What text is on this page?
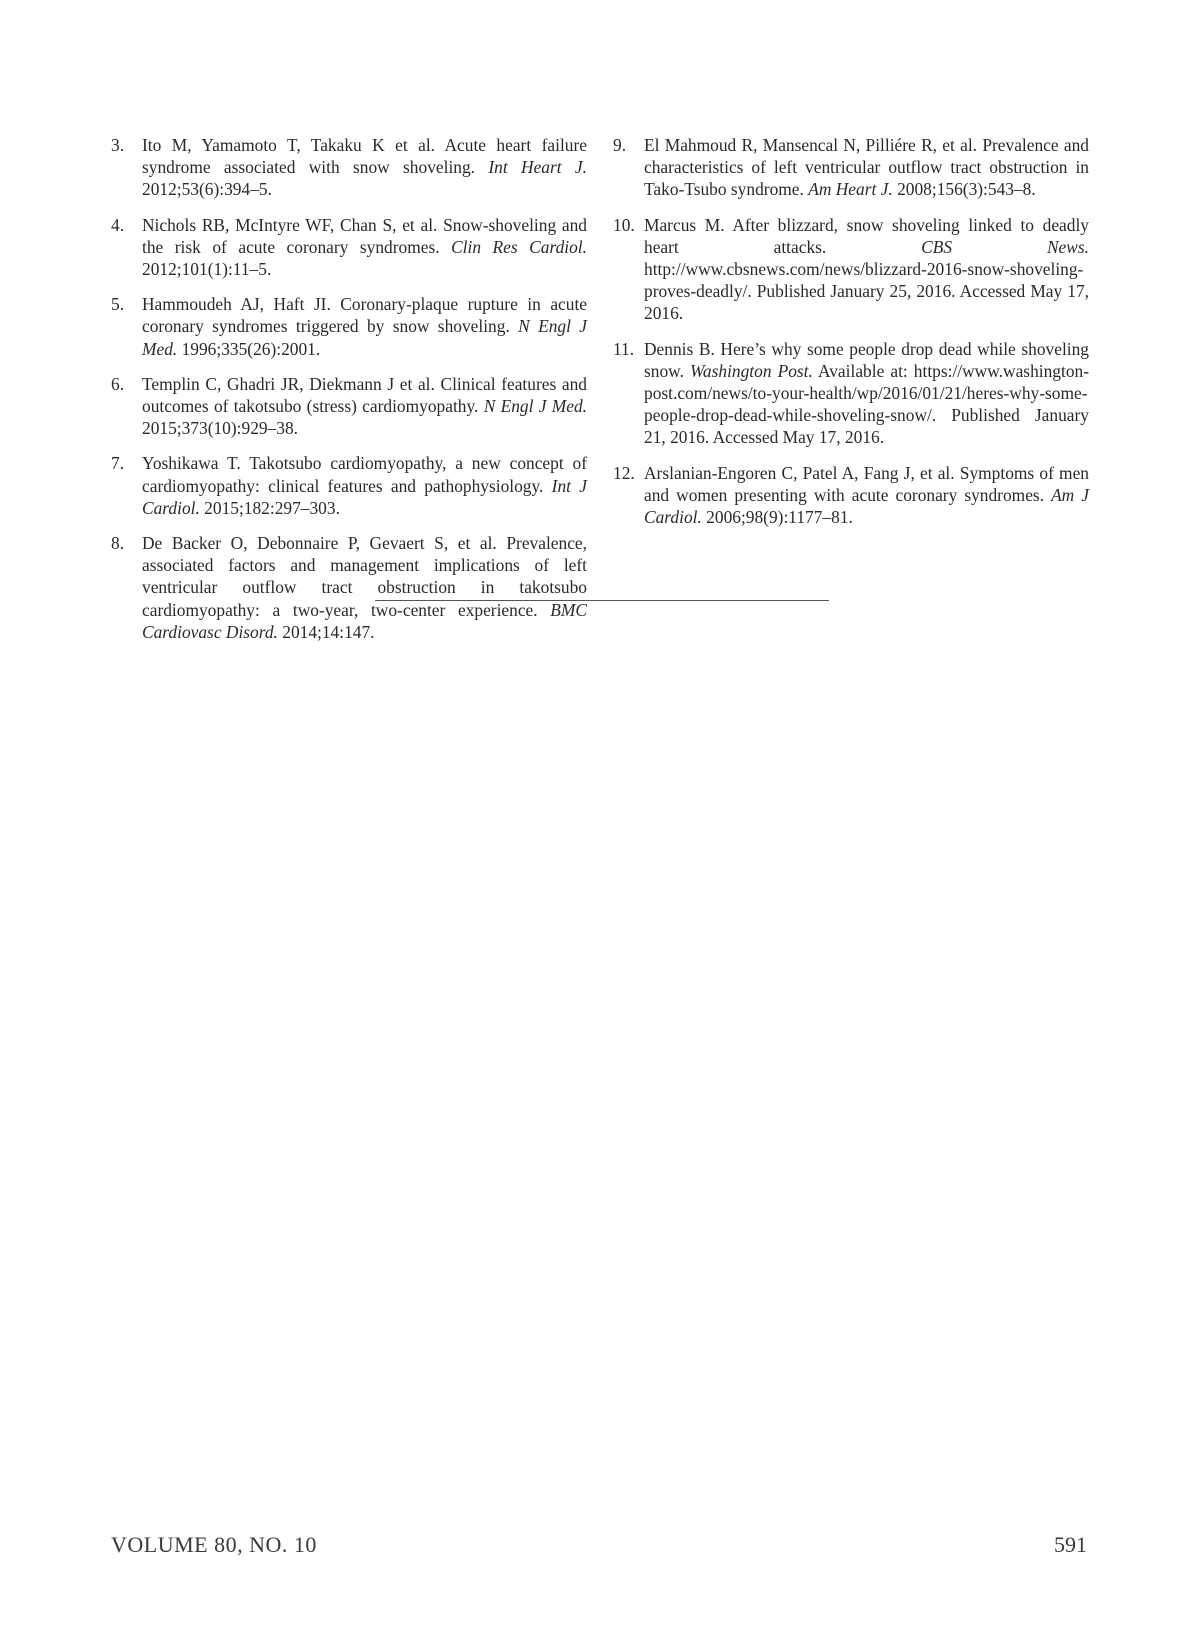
3. Ito M, Yamamoto T, Takaku K et al. Acute heart failure syndrome associated with snow shoveling. Int Heart J. 2012;53(6):394–5.
4. Nichols RB, McIntyre WF, Chan S, et al. Snow-shoveling and the risk of acute coronary syndromes. Clin Res Cardiol. 2012;101(1):11–5.
5. Hammoudeh AJ, Haft JI. Coronary-plaque rupture in acute coronary syndromes triggered by snow shoveling. N Engl J Med. 1996;335(26):2001.
6. Templin C, Ghadri JR, Diekmann J et al. Clinical features and outcomes of takotsubo (stress) cardiomyopathy. N Engl J Med. 2015;373(10):929–38.
7. Yoshikawa T. Takotsubo cardiomyopathy, a new concept of cardiomyopathy: clinical features and pathophysiology. Int J Cardiol. 2015;182:297–303.
8. De Backer O, Debonnaire P, Gevaert S, et al. Prevalence, associated factors and management implications of left ventricular outflow tract obstruction in takotsubo cardiomyopathy: a two-year, two-center experience. BMC Cardiovasc Disord. 2014;14:147.
9. El Mahmoud R, Mansencal N, Pilliére R, et al. Prevalence and characteristics of left ventricular outflow tract obstruction in Tako-Tsubo syndrome. Am Heart J. 2008;156(3):543–8.
10. Marcus M. After blizzard, snow shoveling linked to deadly heart attacks. CBS News. http://www.cbsnews.com/news/blizzard-2016-snow-shoveling-proves-deadly/. Published January 25, 2016. Accessed May 17, 2016.
11. Dennis B. Here’s why some people drop dead while shoveling snow. Washington Post. Available at: https://www.washington-post.com/news/to-your-health/wp/2016/01/21/heres-why-some-people-drop-dead-while-shoveling-snow/. Published January 21, 2016. Accessed May 17, 2016.
12. Arslanian-Engoren C, Patel A, Fang J, et al. Symptoms of men and women presenting with acute coronary syndromes. Am J Cardiol. 2006;98(9):1177–81.
VOLUME 80, NO. 10	591
